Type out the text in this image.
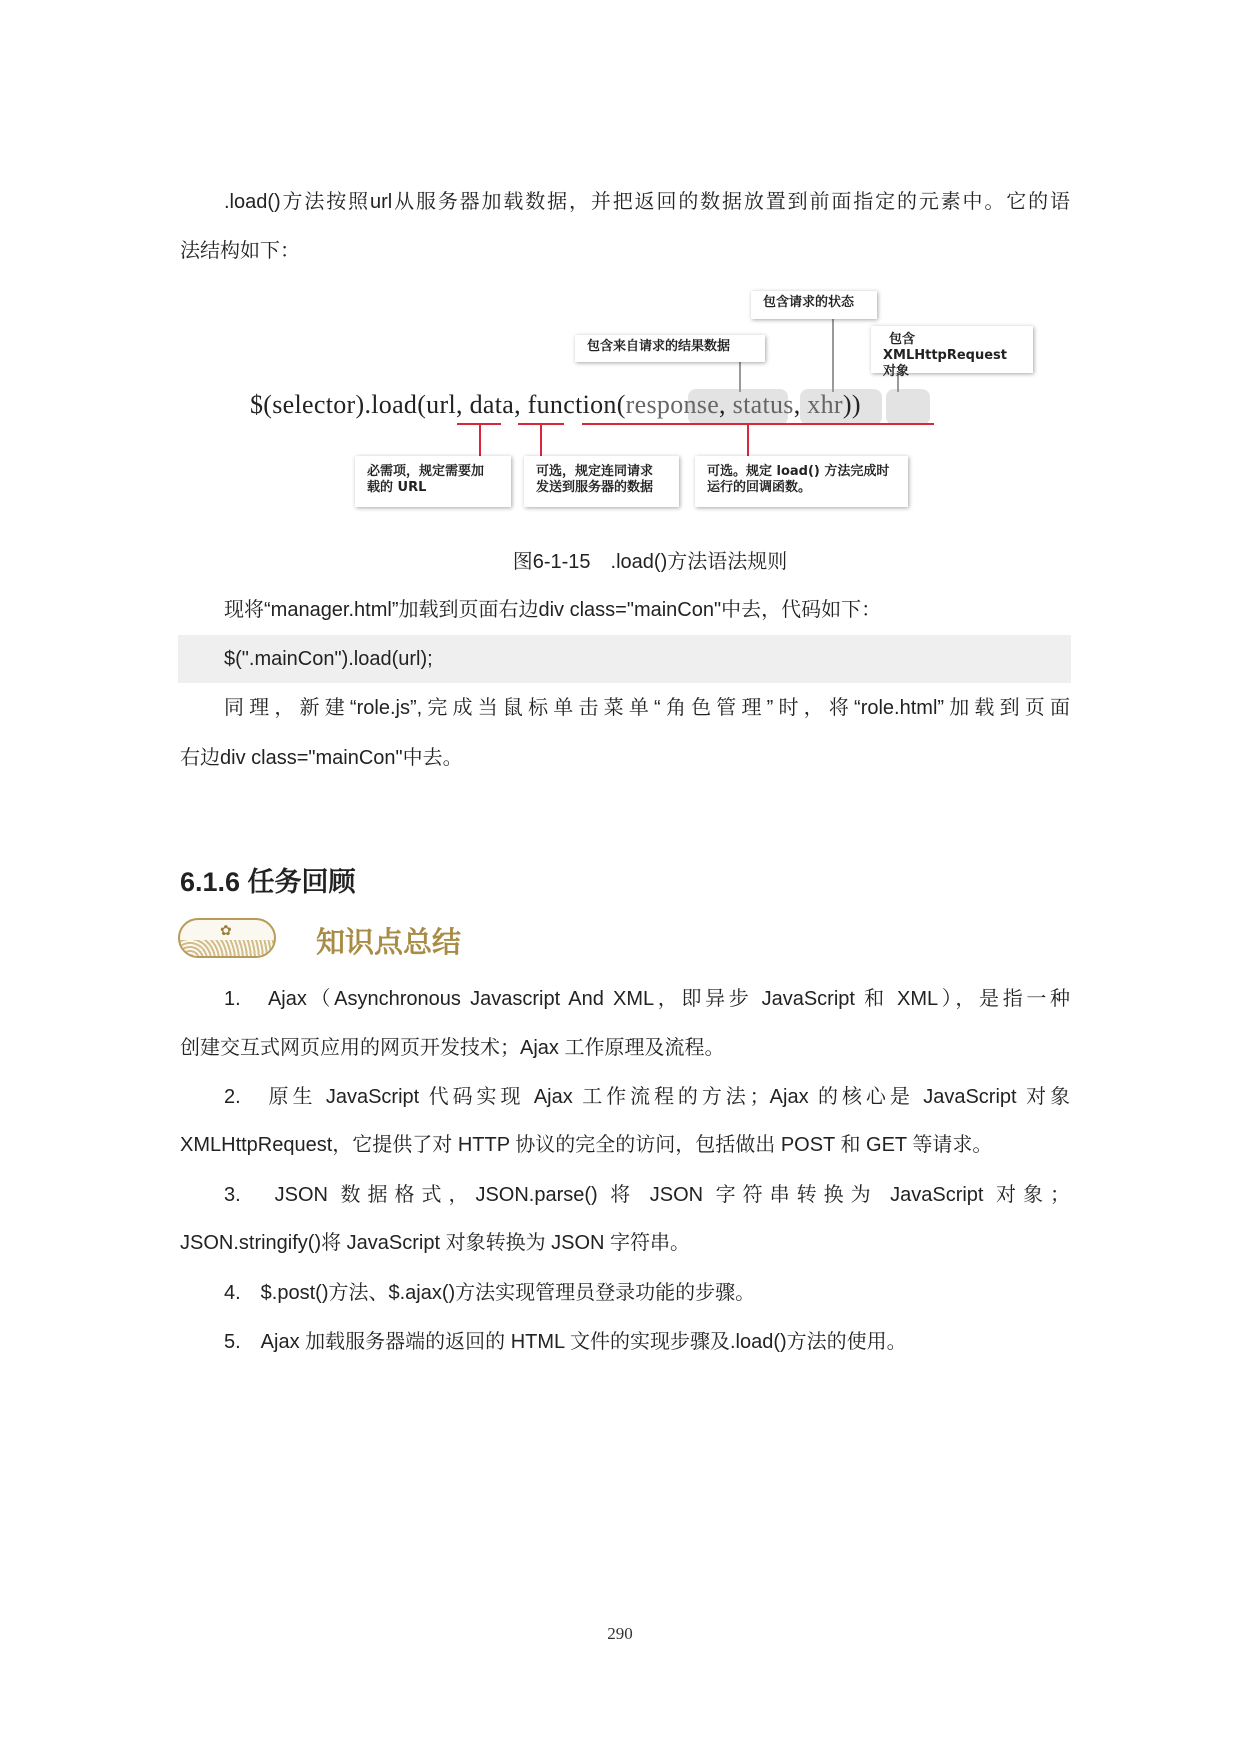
.load()方法按照url从服务器加载数据，并把返回的数据放置到前面指定的元素中。它的语
法结构如下：
包含请求的状态
包含来自请求的结果数据	包含
XMLHttpRequest 对象
$(selector).load(url, data, function(response, status, xhr))
必需项，规定需要加
载的 URL
可选，规定连同请求
发送到服务器的数据
可选。规定 load() 方法完成时
运行的回调函数。
图6-1-15　.load()方法语法规则
现将“manager.html”加载到页面右边div class="mainCon"中去，代码如下：
$(".mainCon").load(url);
同理，新建“role.js”,完成当鼠标单击菜单“角色管理”时，将“role.html”加载到页面
右边div class="mainCon"中去。
6.1.6 任务回顾
✿	知识点总结
1.　Ajax（Asynchronous Javascript And XML，即异步 JavaScript 和 XML），是指一种
创建交互式网页应用的网页开发技术；Ajax 工作原理及流程。
2.　原生 JavaScript 代码实现 Ajax 工作流程的方法；Ajax 的核心是 JavaScript 对象
XMLHttpRequest，它提供了对 HTTP 协议的完全的访问，包括做出 POST 和 GET 等请求。
3.　JSON 数据格式，JSON.parse() 将 JSON 字符串转换为 JavaScript 对象；
JSON.stringify()将 JavaScript 对象转换为 JSON 字符串。
4.　$.post()方法、$.ajax()方法实现管理员登录功能的步骤。
5.　Ajax 加载服务器端的返回的 HTML 文件的实现步骤及.load()方法的使用。
290
